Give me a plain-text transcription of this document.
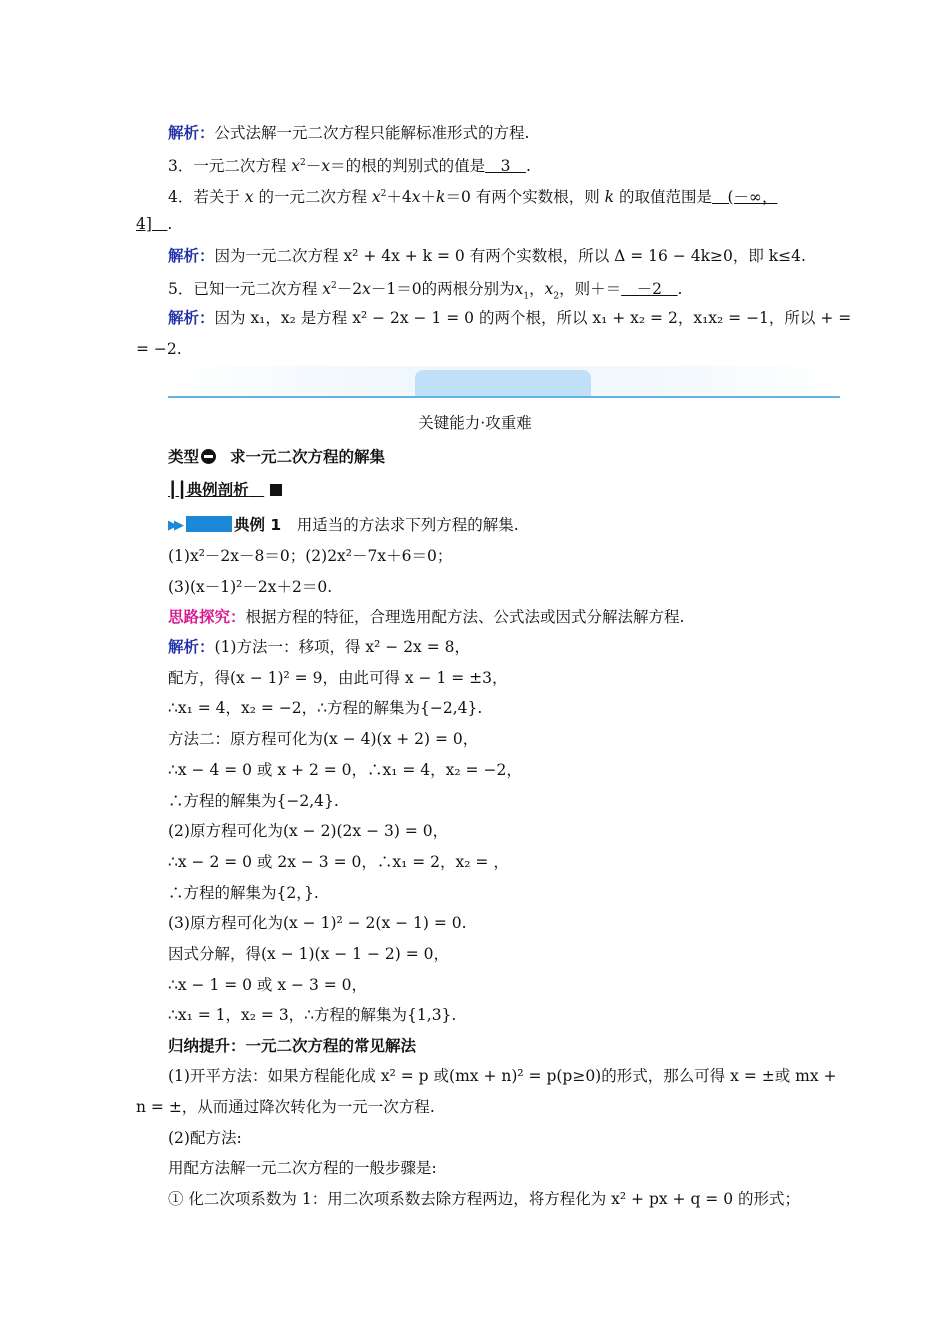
解析：公式法解一元二次方程只能解标准形式的方程.
3．一元二次方程 $x^2-x=$的根的判别式的值是　3　.
4．若关于 x 的一元二次方程 $x^2+4x+k=0$ 有两个实数根，则 k 的取值范围是　(－∞，
4]　.
解析：因为一元二次方程 x² + 4x + k = 0 有两个实数根，所以 Δ = 16 − 4k≥0，即 k≤4.
5．已知一元二次方程 $x^2-2x-1=0$的两根分别为$x_1$，$x_2$，则＋＝　－2　.
解析：因为 x₁，x₂ 是方程 x² − 2x − 1 = 0 的两个根，所以 x₁ + x₂ = 2，x₁x₂ = −1，所以 + =
= −2.
关键能力·攻重难
类型 求一元二次方程的解集
┃┃典例剖析　
▶▶	典例 1　 用适当的方法求下列方程的解集.
(1)x²－2x－8＝0；(2)2x²－7x＋6＝0；
(3)(x－1)²－2x＋2＝0.
思路探究：根据方程的特征，合理选用配方法、公式法或因式分解法解方程.
解析：(1)方法一：移项，得 x² − 2x = 8，
配方，得(x − 1)² = 9，由此可得 x − 1 = ±3，
∴x₁ = 4，x₂ = −2，∴方程的解集为{−2,4}.
方法二：原方程可化为(x − 4)(x + 2) = 0，
∴x − 4 = 0 或 x + 2 = 0，∴x₁ = 4，x₂ = −2，
∴方程的解集为{−2,4}.
(2)原方程可化为(x − 2)(2x − 3) = 0，
∴x − 2 = 0 或 2x − 3 = 0，∴x₁ = 2，x₂ = ，
∴方程的解集为{2，}.
(3)原方程可化为(x − 1)² − 2(x − 1) = 0.
因式分解，得(x − 1)(x − 1 − 2) = 0，
∴x − 1 = 0 或 x − 3 = 0，
∴x₁ = 1，x₂ = 3，∴方程的解集为{1,3}.
归纳提升：一元二次方程的常见解法
(1)开平方法：如果方程能化成 x² = p 或(mx + n)² = p(p≥0)的形式，那么可得 x = ±或 mx +
n = ±，从而通过降次转化为一元一次方程.
(2)配方法:
用配方法解一元二次方程的一般步骤是:
① 化二次项系数为 1：用二次项系数去除方程两边，将方程化为 x² + px + q = 0 的形式；
